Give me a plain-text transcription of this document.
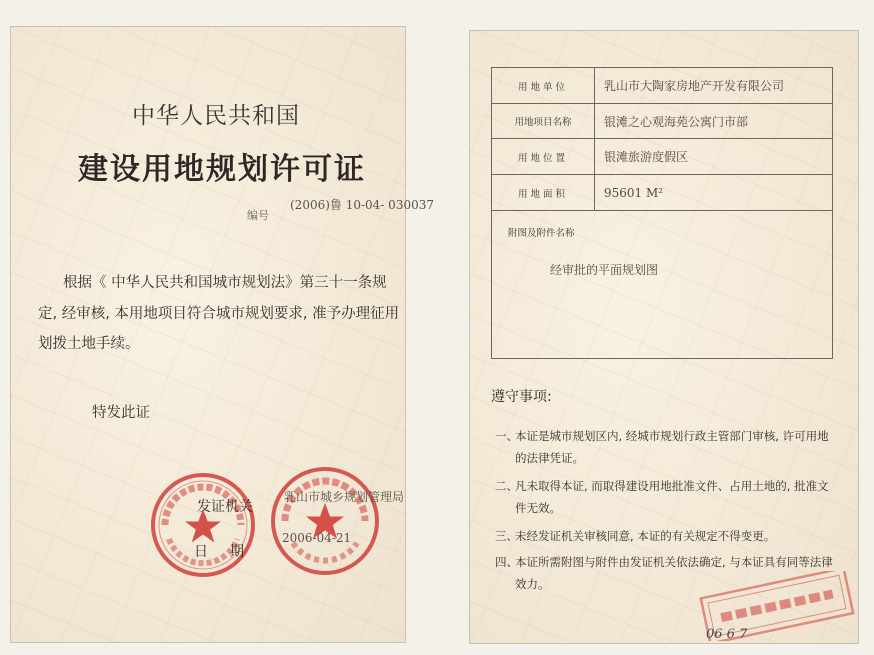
中华人民共和国
建设用地规划许可证
(2006)鲁 10-04- 030037
编号
根据《 中华人民共和国城市规划法》第三十一条规
定, 经审核, 本用地项目符合城市规划要求, 准予办理征用
划拨土地手续。
特发此证
发证机关
乳山市城乡规划管理局
日期
2006-04-21
用地单位	乳山市大陶家房地产开发有限公司
用地项目名称	银滩之心观海苑公寓门市部
用地位置	银滩旅游度假区
用地面积	95601 M²
附图及附件名称
经审批的平面规划图
遵守事项:
一、
本证是城市规划区内, 经城市规划行政主管部门审核, 许可用地的法律凭证。
二、
凡未取得本证, 而取得建设用地批准文件、占用土地的, 批准文件无效。
三、
未经发证机关审核同意, 本证的有关规定不得变更。
四、
本证所需附图与附件由发证机关依法确定, 与本证具有同等法律效力。
06 6 7
